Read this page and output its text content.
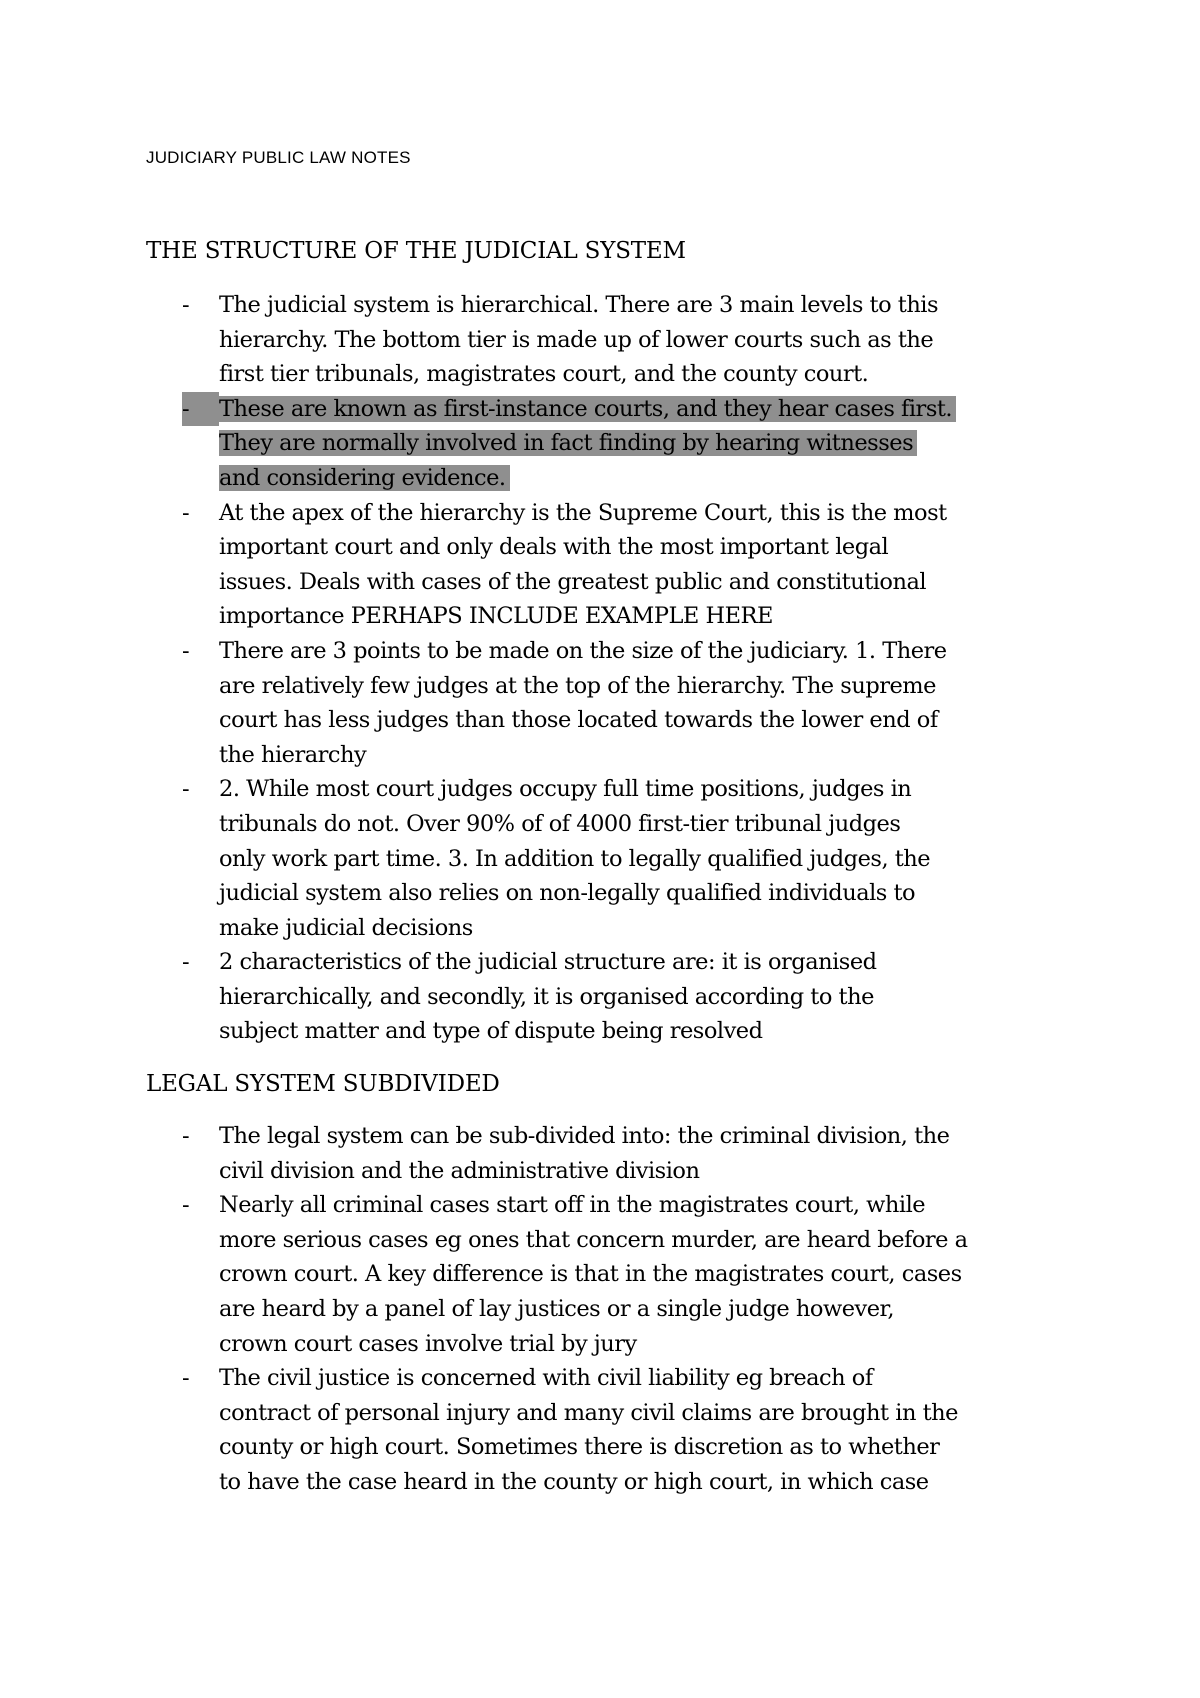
JUDICIARY PUBLIC LAW NOTES
THE STRUCTURE OF THE JUDICIAL SYSTEM
- The judicial system is hierarchical. There are 3 main levels to this
hierarchy. The bottom tier is made up of lower courts such as the
first tier tribunals, magistrates court, and the county court.
-	These are known as first-instance courts, and they hear cases first.
They are normally involved in fact finding by hearing witnesses
and considering evidence.
- At the apex of the hierarchy is the Supreme Court, this is the most
important court and only deals with the most important legal
issues. Deals with cases of the greatest public and constitutional
importance PERHAPS INCLUDE EXAMPLE HERE
- There are 3 points to be made on the size of the judiciary. 1. There
are relatively few judges at the top of the hierarchy. The supreme
court has less judges than those located towards the lower end of
the hierarchy
- 2. While most court judges occupy full time positions, judges in
tribunals do not. Over 90% of of 4000 first-tier tribunal judges
only work part time. 3. In addition to legally qualified judges, the
judicial system also relies on non-legally qualified individuals to
make judicial decisions
- 2 characteristics of the judicial structure are: it is organised
hierarchically, and secondly, it is organised according to the
subject matter and type of dispute being resolved
LEGAL SYSTEM SUBDIVIDED
- The legal system can be sub-divided into: the criminal division, the
civil division and the administrative division
- Nearly all criminal cases start off in the magistrates court, while
more serious cases eg ones that concern murder, are heard before a
crown court. A key difference is that in the magistrates court, cases
are heard by a panel of lay justices or a single judge however,
crown court cases involve trial by jury
- The civil justice is concerned with civil liability eg breach of
contract of personal injury and many civil claims are brought in the
county or high court. Sometimes there is discretion as to whether
to have the case heard in the county or high court, in which case
